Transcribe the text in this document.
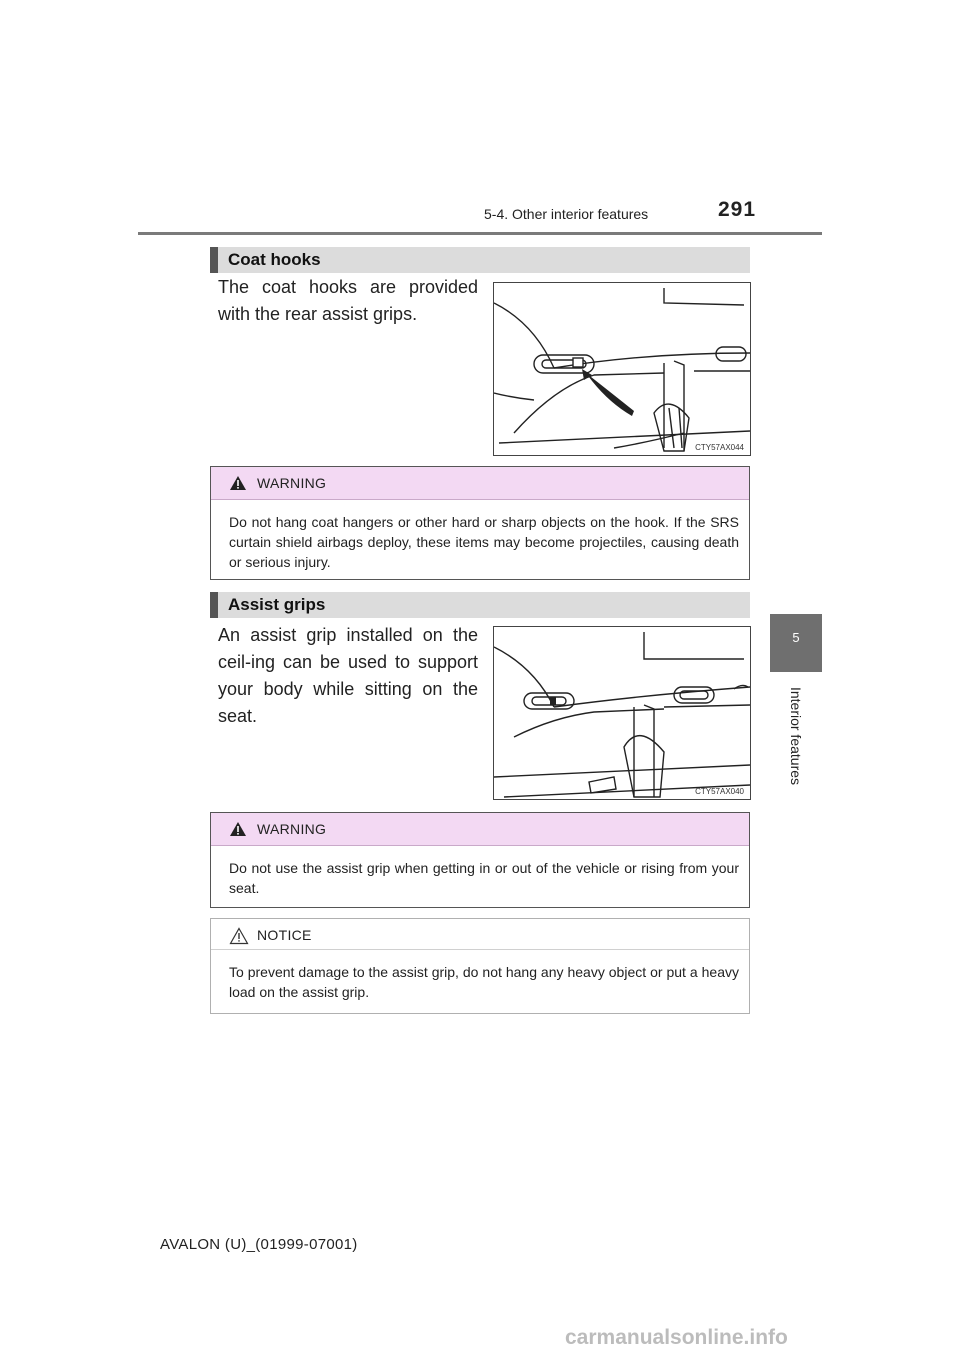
5-4. Other interior features	291
5
Interior features
Coat hooks
The coat hooks are provided with the rear assist grips.
CTY57AX044
WARNING
Do not hang coat hangers or other hard or sharp objects on the hook. If the SRS curtain shield airbags deploy, these items may become projectiles, causing death or serious injury.
Assist grips
An assist grip installed on the ceil-ing can be used to support your body while sitting on the seat.
CTY57AX040
WARNING
Do not use the assist grip when getting in or out of the vehicle or rising from your seat.
NOTICE
To prevent damage to the assist grip, do not hang any heavy object or put a heavy load on the assist grip.
AVALON (U)_(01999-07001)
carmanualsonline.info
